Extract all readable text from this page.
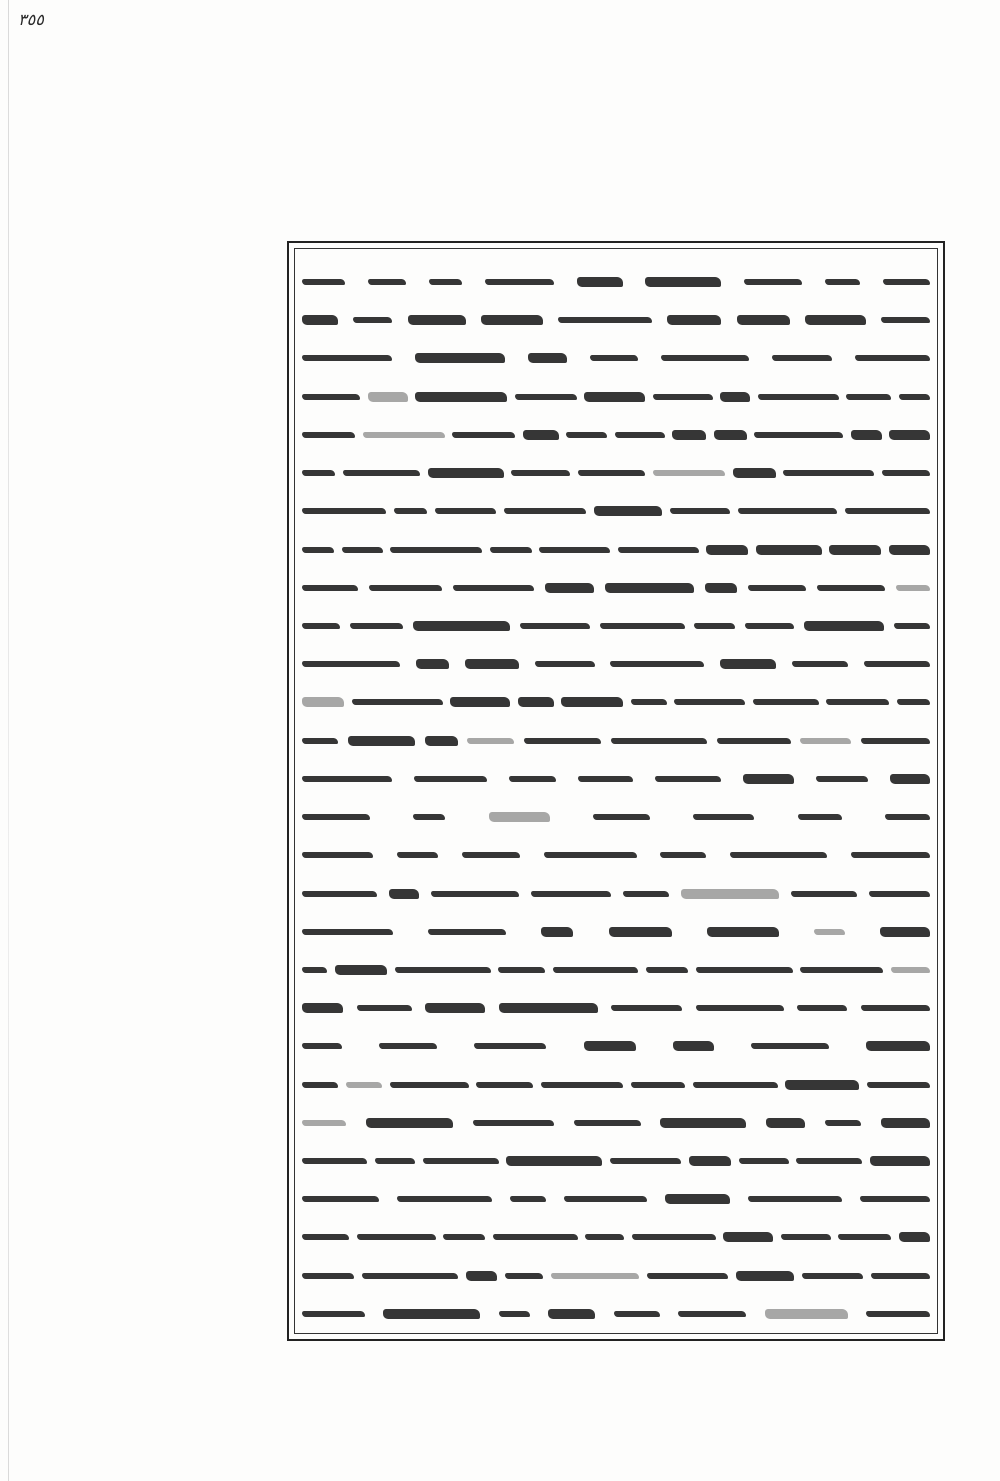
٣٥٥
